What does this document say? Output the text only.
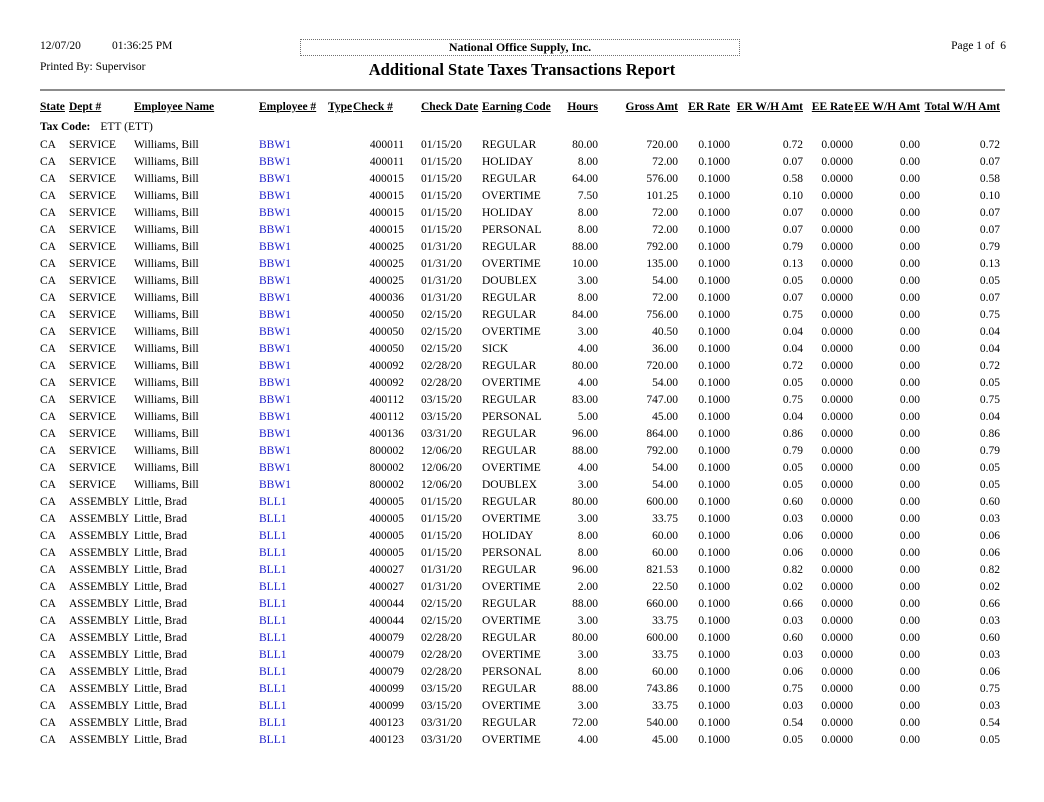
12/07/20	01:36:25 PM
Printed By: Supervisor
National Office Supply, Inc.	Page 1 of  6
Additional State Taxes Transactions Report
State	Dept #	Employee Name	Employee #	Type	Check #	Check Date	Earning Code	Hours	Gross Amt	ER Rate	ER W/H Amt	EE Rate	EE W/H Amt	Total W/H Amt
Tax Code: ETT (ETT)														
CA	SERVICE	Williams, Bill	BBW1		400011	01/15/20	REGULAR	80.00	720.00	0.1000	0.72	0.0000	0.00	0.72
CA	SERVICE	Williams, Bill	BBW1		400011	01/15/20	HOLIDAY	8.00	72.00	0.1000	0.07	0.0000	0.00	0.07
CA	SERVICE	Williams, Bill	BBW1		400015	01/15/20	REGULAR	64.00	576.00	0.1000	0.58	0.0000	0.00	0.58
CA	SERVICE	Williams, Bill	BBW1		400015	01/15/20	OVERTIME	7.50	101.25	0.1000	0.10	0.0000	0.00	0.10
CA	SERVICE	Williams, Bill	BBW1		400015	01/15/20	HOLIDAY	8.00	72.00	0.1000	0.07	0.0000	0.00	0.07
CA	SERVICE	Williams, Bill	BBW1		400015	01/15/20	PERSONAL	8.00	72.00	0.1000	0.07	0.0000	0.00	0.07
CA	SERVICE	Williams, Bill	BBW1		400025	01/31/20	REGULAR	88.00	792.00	0.1000	0.79	0.0000	0.00	0.79
CA	SERVICE	Williams, Bill	BBW1		400025	01/31/20	OVERTIME	10.00	135.00	0.1000	0.13	0.0000	0.00	0.13
CA	SERVICE	Williams, Bill	BBW1		400025	01/31/20	DOUBLEX	3.00	54.00	0.1000	0.05	0.0000	0.00	0.05
CA	SERVICE	Williams, Bill	BBW1		400036	01/31/20	REGULAR	8.00	72.00	0.1000	0.07	0.0000	0.00	0.07
CA	SERVICE	Williams, Bill	BBW1		400050	02/15/20	REGULAR	84.00	756.00	0.1000	0.75	0.0000	0.00	0.75
CA	SERVICE	Williams, Bill	BBW1		400050	02/15/20	OVERTIME	3.00	40.50	0.1000	0.04	0.0000	0.00	0.04
CA	SERVICE	Williams, Bill	BBW1		400050	02/15/20	SICK	4.00	36.00	0.1000	0.04	0.0000	0.00	0.04
CA	SERVICE	Williams, Bill	BBW1		400092	02/28/20	REGULAR	80.00	720.00	0.1000	0.72	0.0000	0.00	0.72
CA	SERVICE	Williams, Bill	BBW1		400092	02/28/20	OVERTIME	4.00	54.00	0.1000	0.05	0.0000	0.00	0.05
CA	SERVICE	Williams, Bill	BBW1		400112	03/15/20	REGULAR	83.00	747.00	0.1000	0.75	0.0000	0.00	0.75
CA	SERVICE	Williams, Bill	BBW1		400112	03/15/20	PERSONAL	5.00	45.00	0.1000	0.04	0.0000	0.00	0.04
CA	SERVICE	Williams, Bill	BBW1		400136	03/31/20	REGULAR	96.00	864.00	0.1000	0.86	0.0000	0.00	0.86
CA	SERVICE	Williams, Bill	BBW1		800002	12/06/20	REGULAR	88.00	792.00	0.1000	0.79	0.0000	0.00	0.79
CA	SERVICE	Williams, Bill	BBW1		800002	12/06/20	OVERTIME	4.00	54.00	0.1000	0.05	0.0000	0.00	0.05
CA	SERVICE	Williams, Bill	BBW1		800002	12/06/20	DOUBLEX	3.00	54.00	0.1000	0.05	0.0000	0.00	0.05
CA	ASSEMBLY	Little, Brad	BLL1		400005	01/15/20	REGULAR	80.00	600.00	0.1000	0.60	0.0000	0.00	0.60
CA	ASSEMBLY	Little, Brad	BLL1		400005	01/15/20	OVERTIME	3.00	33.75	0.1000	0.03	0.0000	0.00	0.03
CA	ASSEMBLY	Little, Brad	BLL1		400005	01/15/20	HOLIDAY	8.00	60.00	0.1000	0.06	0.0000	0.00	0.06
CA	ASSEMBLY	Little, Brad	BLL1		400005	01/15/20	PERSONAL	8.00	60.00	0.1000	0.06	0.0000	0.00	0.06
CA	ASSEMBLY	Little, Brad	BLL1		400027	01/31/20	REGULAR	96.00	821.53	0.1000	0.82	0.0000	0.00	0.82
CA	ASSEMBLY	Little, Brad	BLL1		400027	01/31/20	OVERTIME	2.00	22.50	0.1000	0.02	0.0000	0.00	0.02
CA	ASSEMBLY	Little, Brad	BLL1		400044	02/15/20	REGULAR	88.00	660.00	0.1000	0.66	0.0000	0.00	0.66
CA	ASSEMBLY	Little, Brad	BLL1		400044	02/15/20	OVERTIME	3.00	33.75	0.1000	0.03	0.0000	0.00	0.03
CA	ASSEMBLY	Little, Brad	BLL1		400079	02/28/20	REGULAR	80.00	600.00	0.1000	0.60	0.0000	0.00	0.60
CA	ASSEMBLY	Little, Brad	BLL1		400079	02/28/20	OVERTIME	3.00	33.75	0.1000	0.03	0.0000	0.00	0.03
CA	ASSEMBLY	Little, Brad	BLL1		400079	02/28/20	PERSONAL	8.00	60.00	0.1000	0.06	0.0000	0.00	0.06
CA	ASSEMBLY	Little, Brad	BLL1		400099	03/15/20	REGULAR	88.00	743.86	0.1000	0.75	0.0000	0.00	0.75
CA	ASSEMBLY	Little, Brad	BLL1		400099	03/15/20	OVERTIME	3.00	33.75	0.1000	0.03	0.0000	0.00	0.03
CA	ASSEMBLY	Little, Brad	BLL1		400123	03/31/20	REGULAR	72.00	540.00	0.1000	0.54	0.0000	0.00	0.54
CA	ASSEMBLY	Little, Brad	BLL1		400123	03/31/20	OVERTIME	4.00	45.00	0.1000	0.05	0.0000	0.00	0.05
